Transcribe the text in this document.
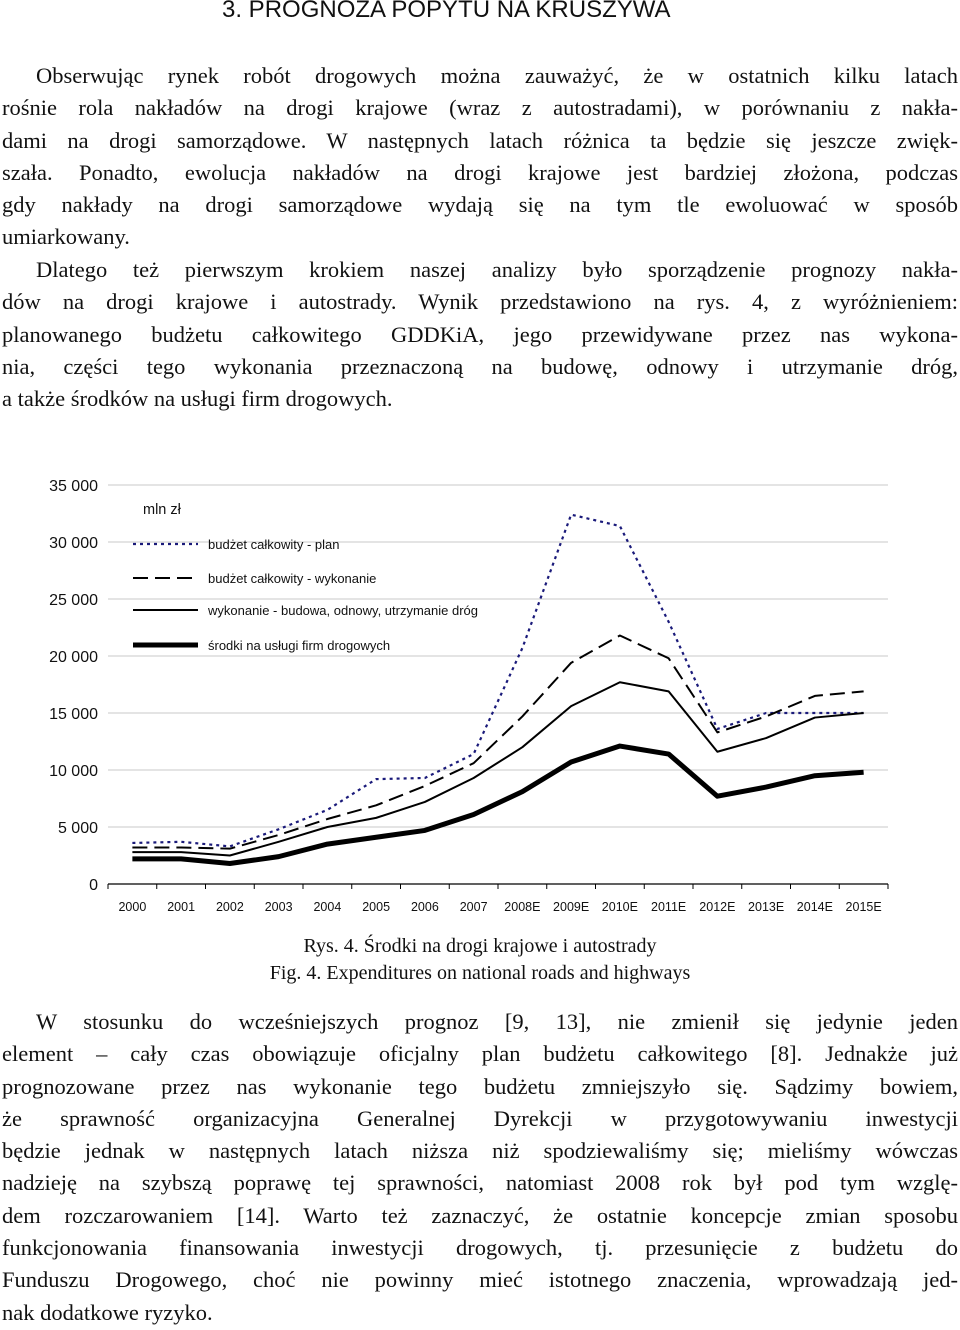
3. PROGNOZA POPYTU NA KRUSZYWA
Obserwując rynek robót drogowych można zauważyć, że w ostatnich kilku latach
rośnie rola nakładów na drogi krajowe (wraz z autostradami), w porównaniu z nakła-
dami na drogi samorządowe. W następnych latach różnica ta będzie się jeszcze zwięk-
szała. Ponadto, ewolucja nakładów na drogi krajowe jest bardziej złożona, podczas
gdy nakłady na drogi samorządowe wydają się na tym tle ewoluować w sposób
umiarkowany.
Dlatego też pierwszym krokiem naszej analizy było sporządzenie prognozy nakła-
dów na drogi krajowe i autostrady. Wynik przedstawiono na rys. 4, z wyróżnieniem:
planowanego budżetu całkowitego GDDKiA, jego przewidywane przez nas wykona-
nia, części tego wykonania przeznaczoną na budowę, odnowy i utrzymanie dróg,
a także środków na usługi firm drogowych.
0
5 000
10 000
15 000
20 000
25 000
30 000
35 000
2000 2001 2002 2003 2004 2005 2006 2007 2008E 2009E 2010E 2011E 2012E 2013E 2014E 2015E
mln zł
budżet całkowity - plan
budżet całkowity - wykonanie
wykonanie - budowa, odnowy, utrzymanie dróg
środki na usługi firm drogowych
Rys. 4. Środki na drogi krajowe i autostrady
Fig. 4. Expenditures on national roads and highways
W stosunku do wcześniejszych prognoz [9, 13], nie zmienił się jedynie jeden
element – cały czas obowiązuje oficjalny plan budżetu całkowitego [8]. Jednakże już
prognozowane przez nas wykonanie tego budżetu zmniejszyło się. Sądzimy bowiem,
że sprawność organizacyjna Generalnej Dyrekcji w przygotowywaniu inwestycji
będzie jednak w następnych latach niższa niż spodziewaliśmy się; mieliśmy wówczas
nadzieję na szybszą poprawę tej sprawności, natomiast 2008 rok był pod tym wzglę-
dem rozczarowaniem [14]. Warto też zaznaczyć, że ostatnie koncepcje zmian sposobu
funkcjonowania finansowania inwestycji drogowych, tj. przesunięcie z budżetu do
Funduszu Drogowego, choć nie powinny mieć istotnego znaczenia, wprowadzają jed-
nak dodatkowe ryzyko.
